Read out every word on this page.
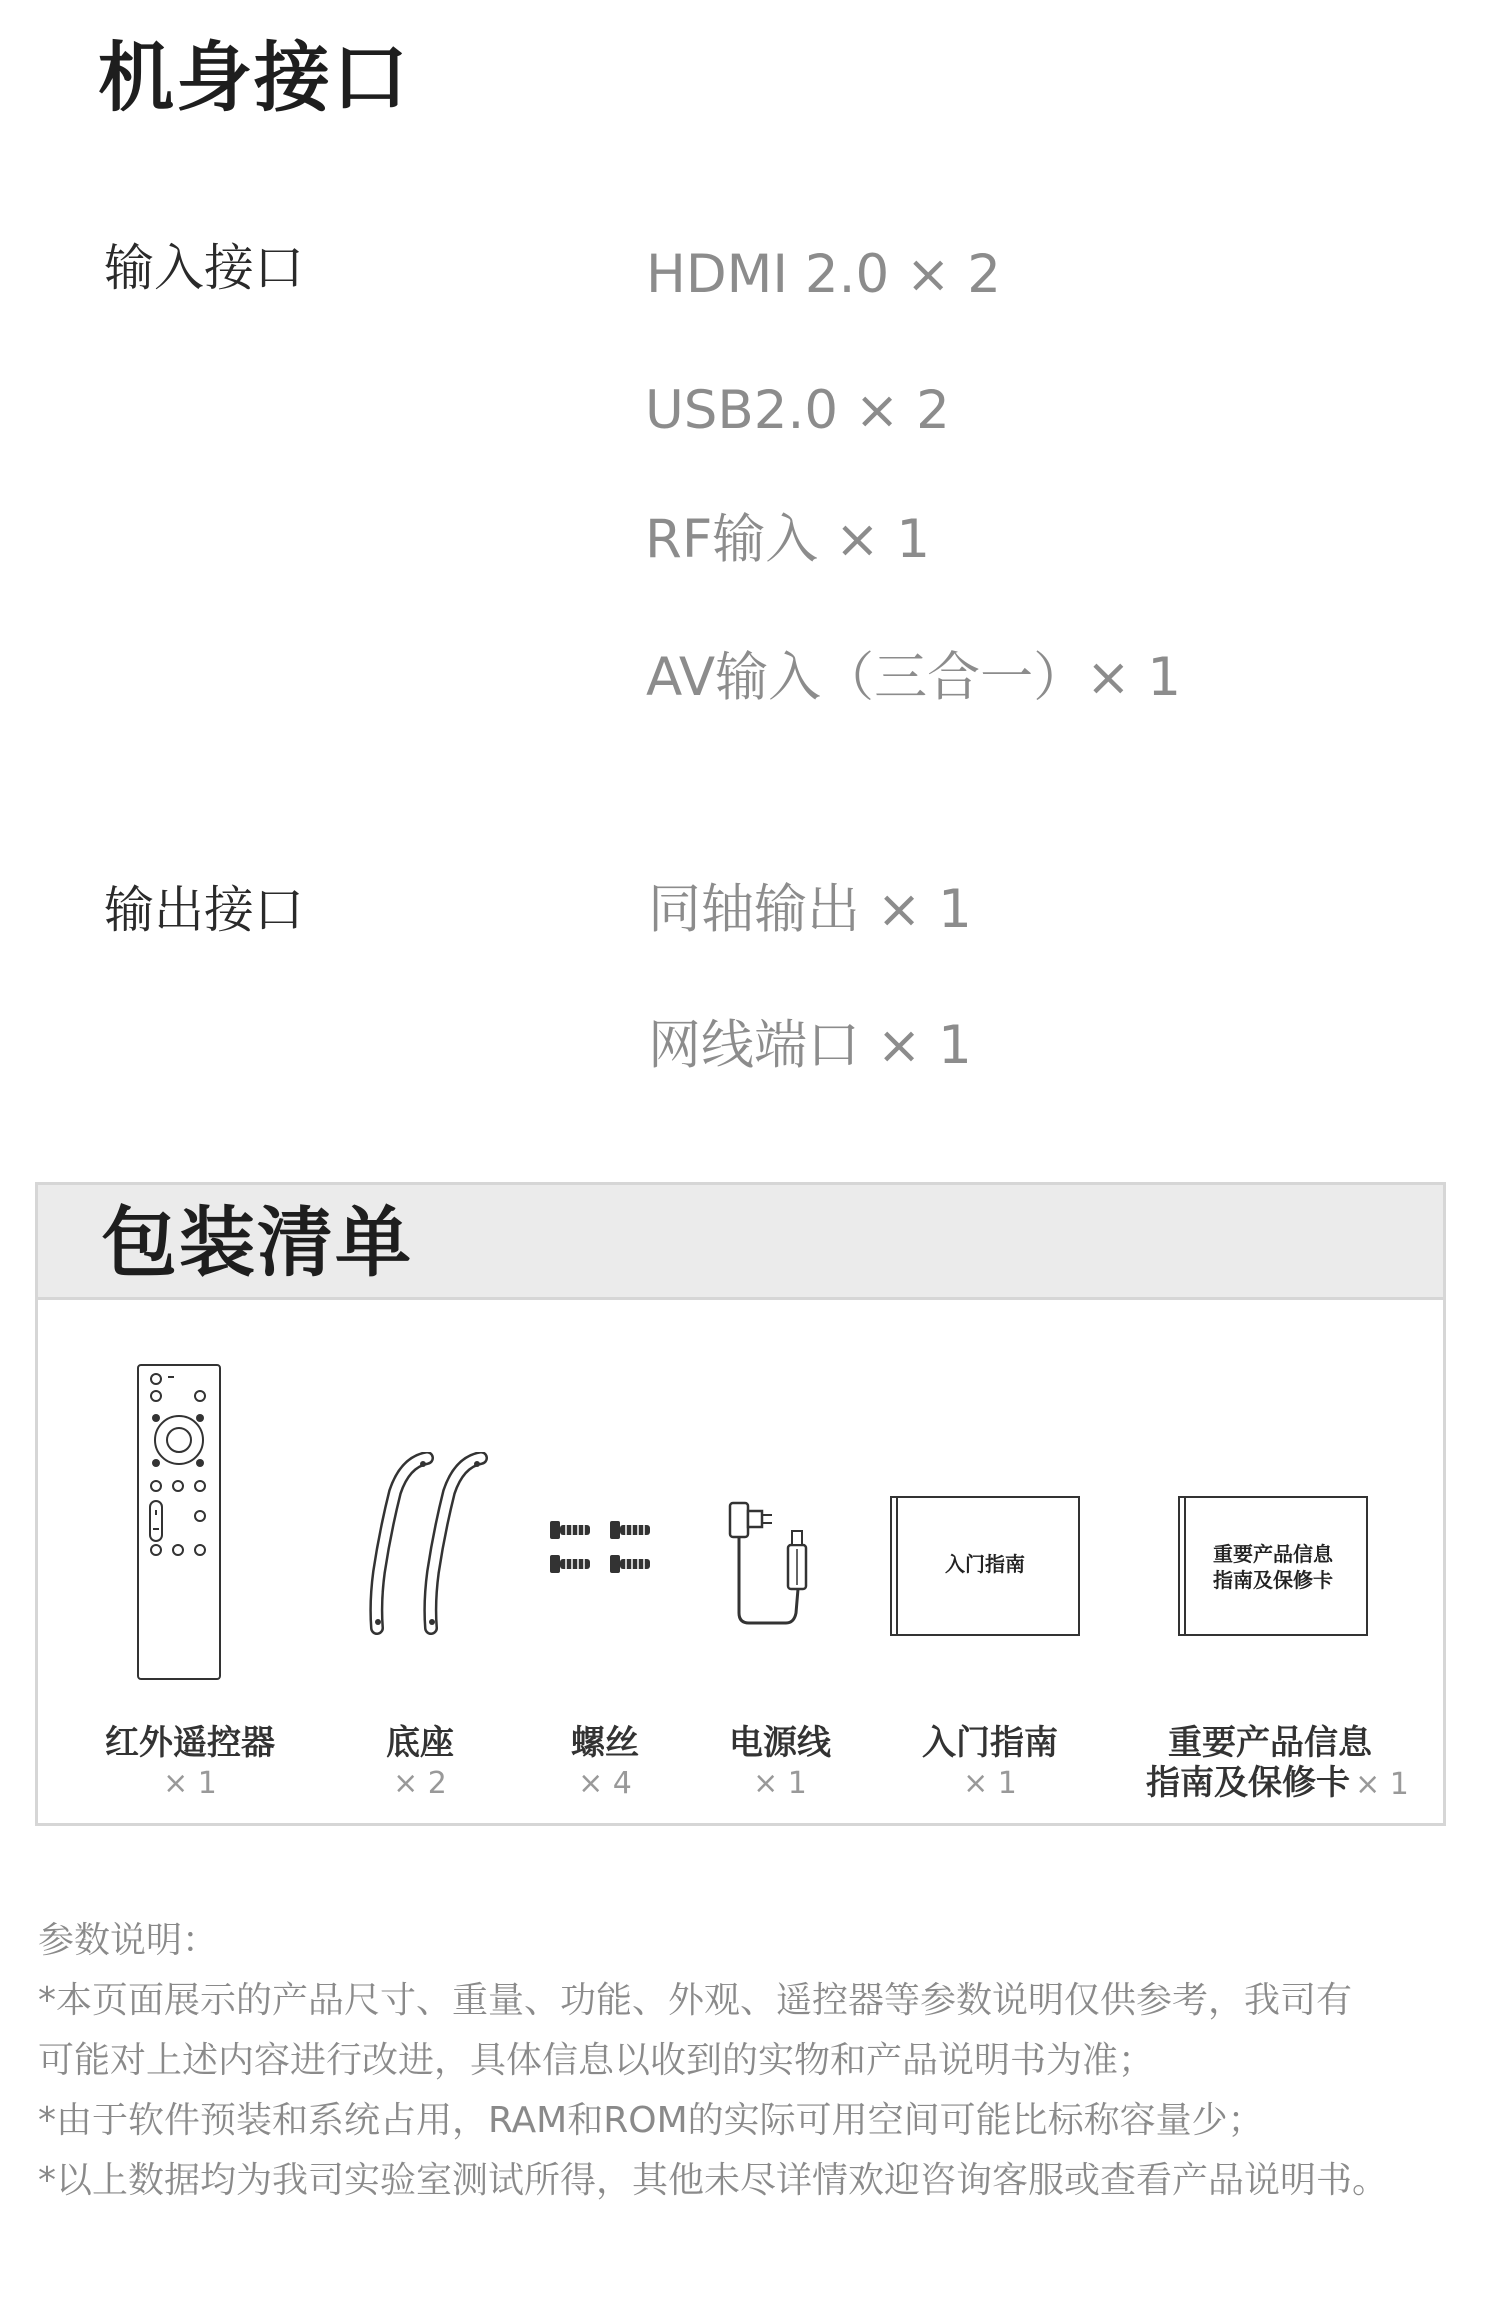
机身接口
输入接口	HDMI 2.0 × 2
USB2.0 × 2
RF输入 × 1
AV输入（三合一）× 1
输出接口	同轴输出 × 1
网线端口 × 1
包装清单
入门指南	重要产品信息
指南及保修卡
红外遥控器
× 1
底座
× 2
螺丝
× 4
电源线
× 1
入门指南
× 1
重要产品信息
指南及保修卡 × 1
参数说明：
*本页面展示的产品尺寸、重量、功能、外观、遥控器等参数说明仅供参考，我司有
可能对上述内容进行改进，具体信息以收到的实物和产品说明书为准；
*由于软件预装和系统占用，RAM和ROM的实际可用空间可能比标称容量少；
*以上数据均为我司实验室测试所得，其他未尽详情欢迎咨询客服或查看产品说明书。
